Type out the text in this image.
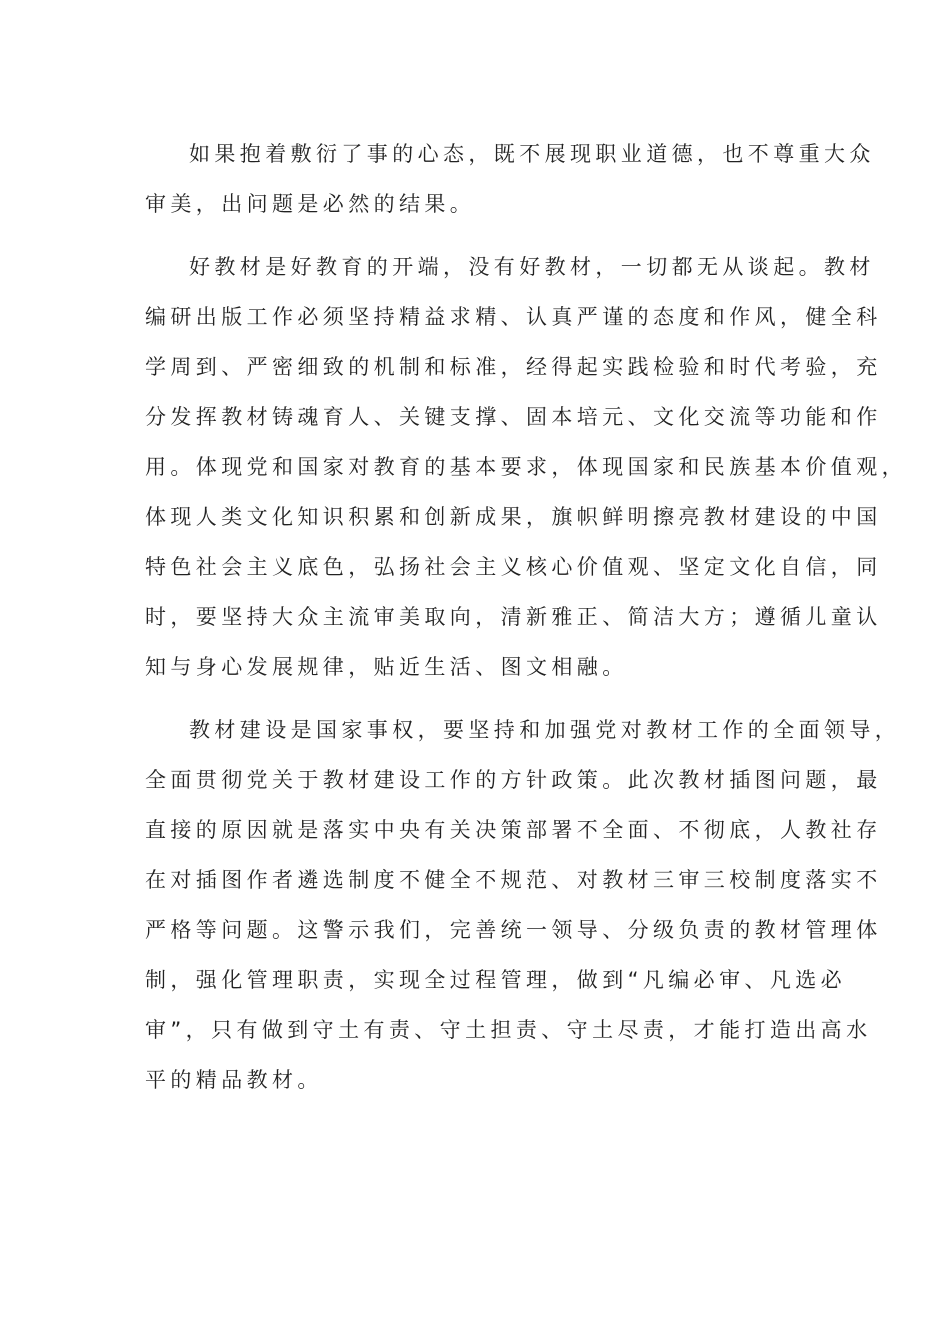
如果抱着敷衍了事的心态，既不展现职业道德，也不尊重大众
审美，出问题是必然的结果。
好教材是好教育的开端，没有好教材，一切都无从谈起。教材
编研出版工作必须坚持精益求精、认真严谨的态度和作风，健全科
学周到、严密细致的机制和标准，经得起实践检验和时代考验，充
分发挥教材铸魂育人、关键支撑、固本培元、文化交流等功能和作
用。体现党和国家对教育的基本要求，体现国家和民族基本价值观，
体现人类文化知识积累和创新成果，旗帜鲜明擦亮教材建设的中国
特色社会主义底色，弘扬社会主义核心价值观、坚定文化自信，同
时，要坚持大众主流审美取向，清新雅正、简洁大方；遵循儿童认
知与身心发展规律，贴近生活、图文相融。
教材建设是国家事权，要坚持和加强党对教材工作的全面领导，
全面贯彻党关于教材建设工作的方针政策。此次教材插图问题，最
直接的原因就是落实中央有关决策部署不全面、不彻底，人教社存
在对插图作者遴选制度不健全不规范、对教材三审三校制度落实不
严格等问题。这警示我们，完善统一领导、分级负责的教材管理体
制，强化管理职责，实现全过程管理，做到“凡编必审、凡选必
审”，只有做到守土有责、守土担责、守土尽责，才能打造出高水
平的精品教材。
